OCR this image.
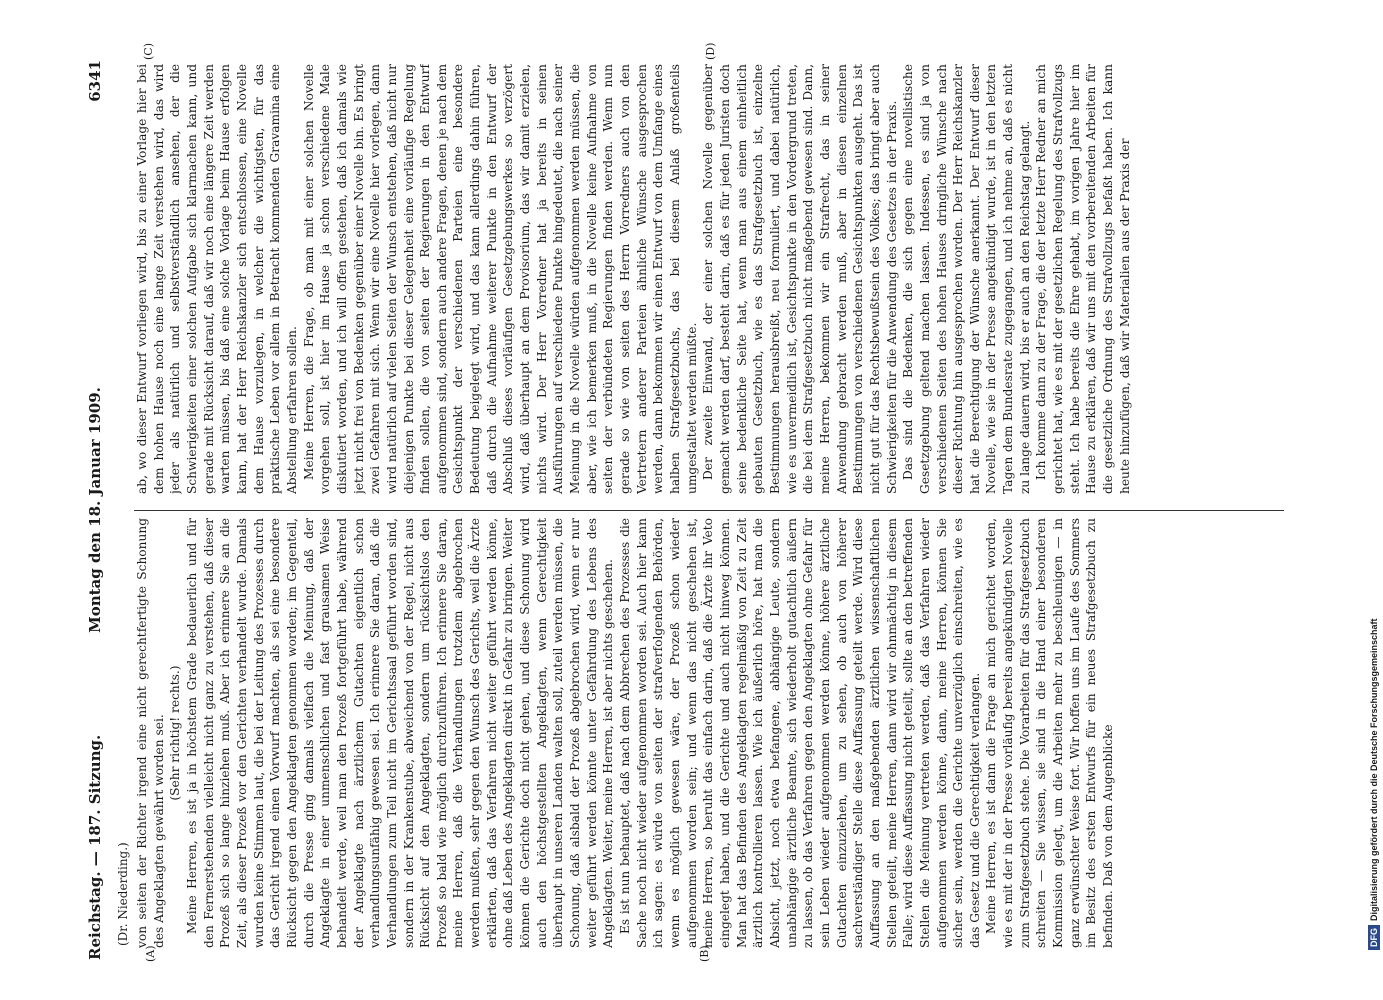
Reichstag. — 187. Sitzung.
Montag den 18. Januar 1909.
6341
(Dr. Niederding.)
(A)	(B)
(C)	(D)

von seiten der Richter irgend eine nicht gerechtfertigte Schonung des Angeklagten gewährt worden sei. (Sehr richtig! rechts.) Meine Herren, es ist ja in höchstem Grade bedauerlich und für den Fernerstehenden vielleicht nicht ganz zu verstehen, daß dieser Prozeß sich so lange hinziehen muß. Aber ich erinnere Sie an die Zeit, als dieser Prozeß vor den Gerichten verhandelt wurde. Damals wurden keine Stimmen laut, die bei der Leitung des Prozesses durch das Gericht irgend einen Vorwurf machten, als sei eine besondere Rücksicht gegen den Angeklagten genommen worden; im Gegenteil, durch die Presse ging damals vielfach die Meinung, daß der Angeklagte in einer unmenschlichen und fast grausamen Weise behandelt werde, weil man den Prozeß fortgeführt habe, während der Angeklagte nach ärztlichem Gutachten eigentlich schon verhandlungsunfähig gewesen sei. Ich erinnere Sie daran, daß die Verhandlungen zum Teil nicht im Gerichtssaal geführt worden sind, sondern in der Krankenstube, abweichend von der Regel, nicht aus Rücksicht auf den Angeklagten, sondern um rücksichtslos den Prozeß so bald wie möglich durchzuführen. Ich erinnere Sie daran, meine Herren, daß die Verhandlungen trotzdem abgebrochen werden mußten, sehr gegen den Wunsch des Gerichts, weil die Ärzte erklärten, daß das Verfahren nicht weiter geführt werden könne, ohne daß Leben des Angeklagten direkt in Gefahr zu bringen. Weiter können die Gerichte doch nicht gehen, und diese Schonung wird auch den höchstgestellten Angeklagten, wenn Gerechtigkeit überhaupt in unseren Landen walten soll, zuteil werden müssen, die Schonung, daß alsbald der Prozeß abgebrochen wird, wenn er nur weiter geführt werden könnte unter Gefährdung des Lebens des Angeklagten. Weiter, meine Herren, ist aber nichts geschehen. Es ist nun behauptet, daß nach dem Abbrechen des Prozesses die Sache noch nicht wieder aufgenommen worden sei. Auch hier kann ich sagen: es würde von seiten der strafverfolgenden Behörden, wenn es möglich gewesen wäre, der Prozeß schon wieder aufgenommen worden sein; und wenn das nicht geschehen ist, meine Herren, so beruht das einfach darin, daß die Ärzte ihr Veto eingelegt haben, und die Gerichte und auch nicht hinweg können. Man hat das Befinden des Angeklagten regelmäßig von Zeit zu Zeit ärztlich kontrollieren lassen. Wie ich äußerlich höre, hat man die Absicht, jetzt, noch etwa befangene, abhängige Leute, sondern unabhängige ärztliche Beamte, sich wiederholt gutachtlich äußern zu lassen, ob das Verfahren gegen den Angeklagten ohne Gefahr für sein Leben wieder aufgenommen werden könne, höhere ärztliche Gutachten einzuziehen, um zu sehen, ob auch von höherer sachverständiger Stelle diese Auffassung geteilt werde. Wird diese Auffassung an den maßgebenden ärztlichen wissenschaftlichen Stellen geteilt, meine Herren, dann wird wir ohnmächtig in diesem Falle; wird diese Auffassung nicht geteilt, sollte an den betreffenden Stellen die Meinung vertreten werden, daß das Verfahren wieder aufgenommen werden könne, dann, meine Herren, können Sie sicher sein, werden die Gerichte unverzüglich einschreiten, wie es das Gesetz und die Gerechtigkeit verlangen. Meine Herren, es ist dann die Frage an mich gerichtet worden, wie es mit der in der Presse vorläufig bereits angekündigten Novelle zum Strafgesetzbuch stehe. Die Vorarbeiten für das Strafgesetzbuch schreiten — Sie wissen, sie sind in die Hand einer besonderen Kommission gelegt, um die Arbeiten mehr zu beschleunigen — in ganz erwünschter Weise fort. Wir hoffen uns im Laufe des Sommers im Besitz des ersten Entwurfs für ein neues Strafgesetzbuch zu befinden. Daß von dem Augenblicke

ab, wo dieser Entwurf vorliegen wird, bis zu einer Vorlage hier bei dem hohen Hause noch eine lange Zeit verstehen wird, das wird jeder als natürlich und selbstverständlich ansehen, der die Schwierigkeiten einer solchen Aufgabe sich klarmachen kann, und gerade mit Rücksicht darauf, daß wir noch eine längere Zeit werden warten müssen, bis daß eine solche Vorlage beim Hause erfolgen kann, hat der Herr Reichskanzler sich entschlossen, eine Novelle dem Hause vorzulegen, in welcher die wichtigsten, für das praktische Leben vor allem in Betracht kommenden Gravamina eine Abstellung erfahren sollen. Meine Herren, die Frage, ob man mit einer solchen Novelle vorgehen soll, ist hier im Hause ja schon verschiedene Male diskutiert worden, und ich will offen gestehen, daß ich damals wie jetzt nicht frei von Bedenken gegenüber einer Novelle bin. Es bringt zwei Gefahren mit sich. Wenn wir eine Novelle hier vorlegen, dann wird natürlich auf vielen Seiten der Wunsch entstehen, daß nicht nur diejenigen Punkte bei dieser Gelegenheit eine vorläufige Regelung finden sollen, die von seiten der Regierungen in den Entwurf aufgenommen sind, sondern auch andere Fragen, denen je nach dem Gesichtspunkt der verschiedenen Parteien eine besondere Bedeutung beigelegt wird, und das kann allerdings dahin führen, daß durch die Aufnahme weiterer Punkte in den Entwurf der Abschluß dieses vorläufigen Gesetzgebungswerkes so verzögert wird, daß überhaupt an dem Provisorium, das wir damit erzielen, nichts wird. Der Herr Vorredner hat ja bereits in seinen Ausführungen auf verschiedene Punkte hingedeutet, die nach seiner Meinung in die Novelle würden aufgenommen werden müssen, die aber, wie ich bemerken muß, in die Novelle keine Aufnahme von seiten der verbündeten Regierungen finden werden. Wenn nun gerade so wie von seiten des Herrn Vorredners auch von den Vertretern anderer Parteien ähnliche Wünsche ausgesprochen werden, dann bekommen wir einen Entwurf von dem Umfange eines halben Strafgesetzbuchs, das bei diesem Anlaß großenteils umgestaltet werden müßte. Der zweite Einwand, der einer solchen Novelle gegenüber gemacht werden darf, besteht darin, daß es für jeden Juristen doch seine bedenkliche Seite hat, wenn man aus einem einheitlich gebauten Gesetzbuch, wie es das Strafgesetzbuch ist, einzelne Bestimmungen herausbreißt, neu formuliert, und dabei natürlich, wie es unvermeidlich ist, Gesichtspunkte in den Vordergrund treten, die bei dem Strafgesetzbuch nicht maßgebend gewesen sind. Dann, meine Herren, bekommen wir ein Strafrecht, das in seiner Anwendung gebracht werden muß, aber in diesen einzelnen Bestimmungen von verschiedenen Gesichtspunkten ausgeht. Das ist nicht gut für das Rechtsbewußtsein des Volkes; das bringt aber auch Schwierigkeiten für die Anwendung des Gesetzes in der Praxis. Das sind die Bedenken, die sich gegen eine novellistische Gesetzgebung geltend machen lassen. Indessen, es sind ja von verschiedenen Seiten des hohen Hauses dringliche Wünsche nach dieser Richtung hin ausgesprochen worden. Der Herr Reichskanzler hat die Berechtigung der Wünsche anerkannt. Der Entwurf dieser Novelle, wie sie in der Presse angekündigt wurde, ist in den letzten Tagen dem Bundesrate zugegangen, und ich nehme an, daß es nicht zu lange dauern wird, bis er auch an den Reichstag gelangt. Ich komme dann zu der Frage, die der letzte Herr Redner an mich gerichtet hat, wie es mit der gesetzlichen Regelung des Strafvollzugs steht. Ich habe bereits die Ehre gehabt, im vorigen Jahre hier im Hause zu erklären, daß wir uns mit den vorbereitenden Arbeiten für die gesetzliche Ordnung des Strafvollzugs befaßt haben. Ich kann heute hinzufügen, daß wir Materialien aus der Praxis der

DFGDigitalisierung gefördert durch die Deutsche Forschungsgemeinschaft
